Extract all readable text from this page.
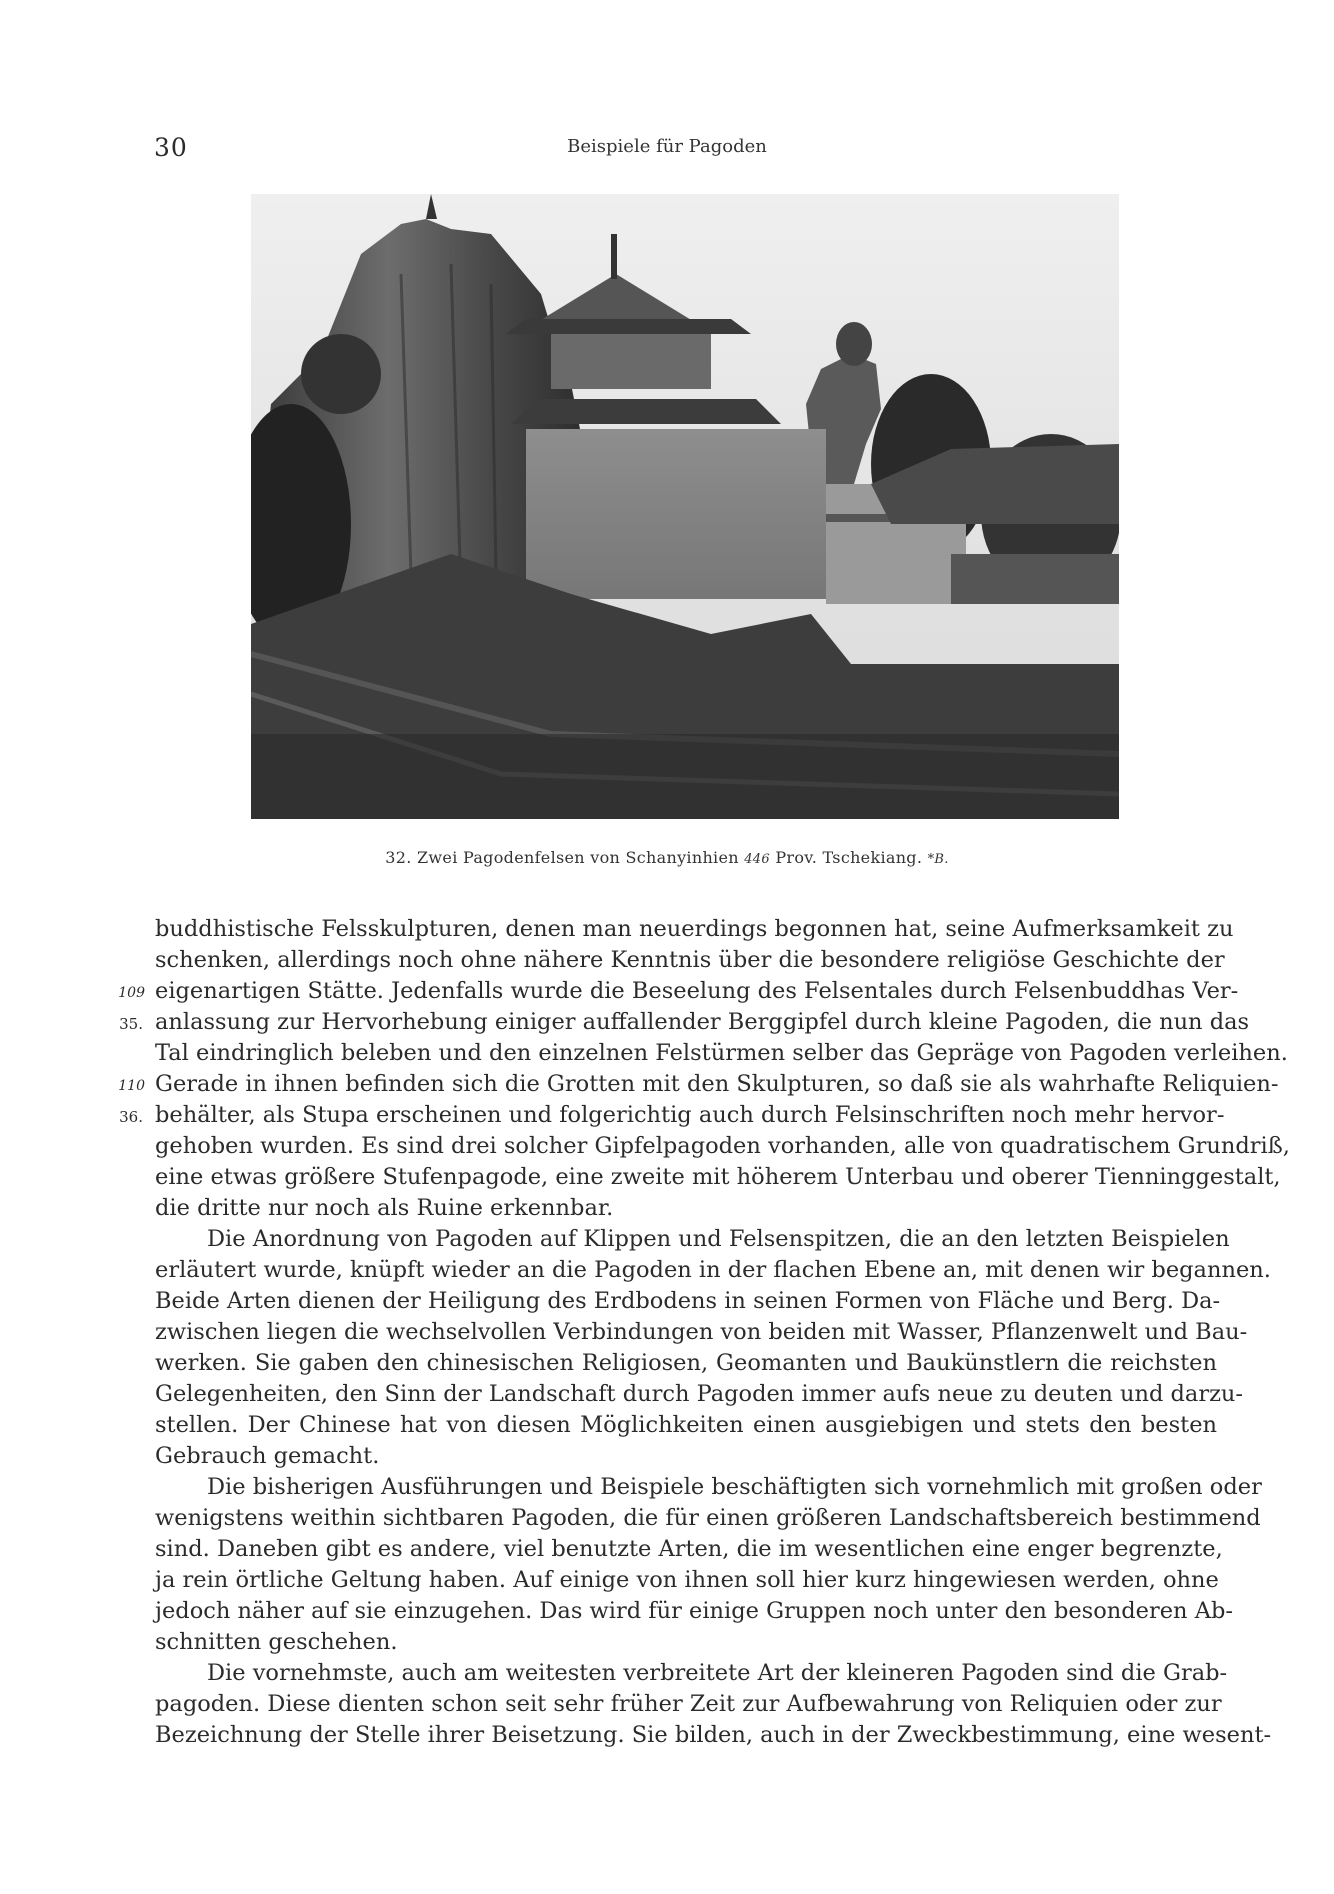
30	Beispiele für Pagoden
32. Zwei Pagodenfelsen von Schanyinhien 446 Prov. Tschekiang. *B.
buddhistische Felsskulpturen, denen man neuerdings begonnen hat, seine Aufmerksamkeit zu
schenken, allerdings noch ohne nähere Kenntnis über die besondere religiöse Geschichte der
eigenartigen Stätte. Jedenfalls wurde die Beseelung des Felsentales durch Felsenbuddhas Ver-
109
anlassung zur Hervorhebung einiger auffallender Berggipfel durch kleine Pagoden, die nun das
35.
Tal eindringlich beleben und den einzelnen Felstürmen selber das Gepräge von Pagoden verleihen.
Gerade in ihnen befinden sich die Grotten mit den Skulpturen, so daß sie als wahrhafte Reliquien-
110
behälter, als Stupa erscheinen und folgerichtig auch durch Felsinschriften noch mehr hervor-
36.
gehoben wurden. Es sind drei solcher Gipfelpagoden vorhanden, alle von quadratischem Grundriß,
eine etwas größere Stufenpagode, eine zweite mit höherem Unterbau und oberer Tienninggestalt,
die dritte nur noch als Ruine erkennbar.
Die Anordnung von Pagoden auf Klippen und Felsenspitzen, die an den letzten Beispielen
erläutert wurde, knüpft wieder an die Pagoden in der flachen Ebene an, mit denen wir begannen.
Beide Arten dienen der Heiligung des Erdbodens in seinen Formen von Fläche und Berg. Da-
zwischen liegen die wechselvollen Verbindungen von beiden mit Wasser, Pflanzenwelt und Bau-
werken. Sie gaben den chinesischen Religiosen, Geomanten und Baukünstlern die reichsten
Gelegenheiten, den Sinn der Landschaft durch Pagoden immer aufs neue zu deuten und darzu-
stellen. Der Chinese hat von diesen Möglichkeiten einen ausgiebigen und stets den besten
Gebrauch gemacht.
Die bisherigen Ausführungen und Beispiele beschäftigten sich vornehmlich mit großen oder
wenigstens weithin sichtbaren Pagoden, die für einen größeren Landschaftsbereich bestimmend
sind. Daneben gibt es andere, viel benutzte Arten, die im wesentlichen eine enger begrenzte,
ja rein örtliche Geltung haben. Auf einige von ihnen soll hier kurz hingewiesen werden, ohne
jedoch näher auf sie einzugehen. Das wird für einige Gruppen noch unter den besonderen Ab-
schnitten geschehen.
Die vornehmste, auch am weitesten verbreitete Art der kleineren Pagoden sind die Grab-
pagoden. Diese dienten schon seit sehr früher Zeit zur Aufbewahrung von Reliquien oder zur
Bezeichnung der Stelle ihrer Beisetzung. Sie bilden, auch in der Zweckbestimmung, eine wesent-
